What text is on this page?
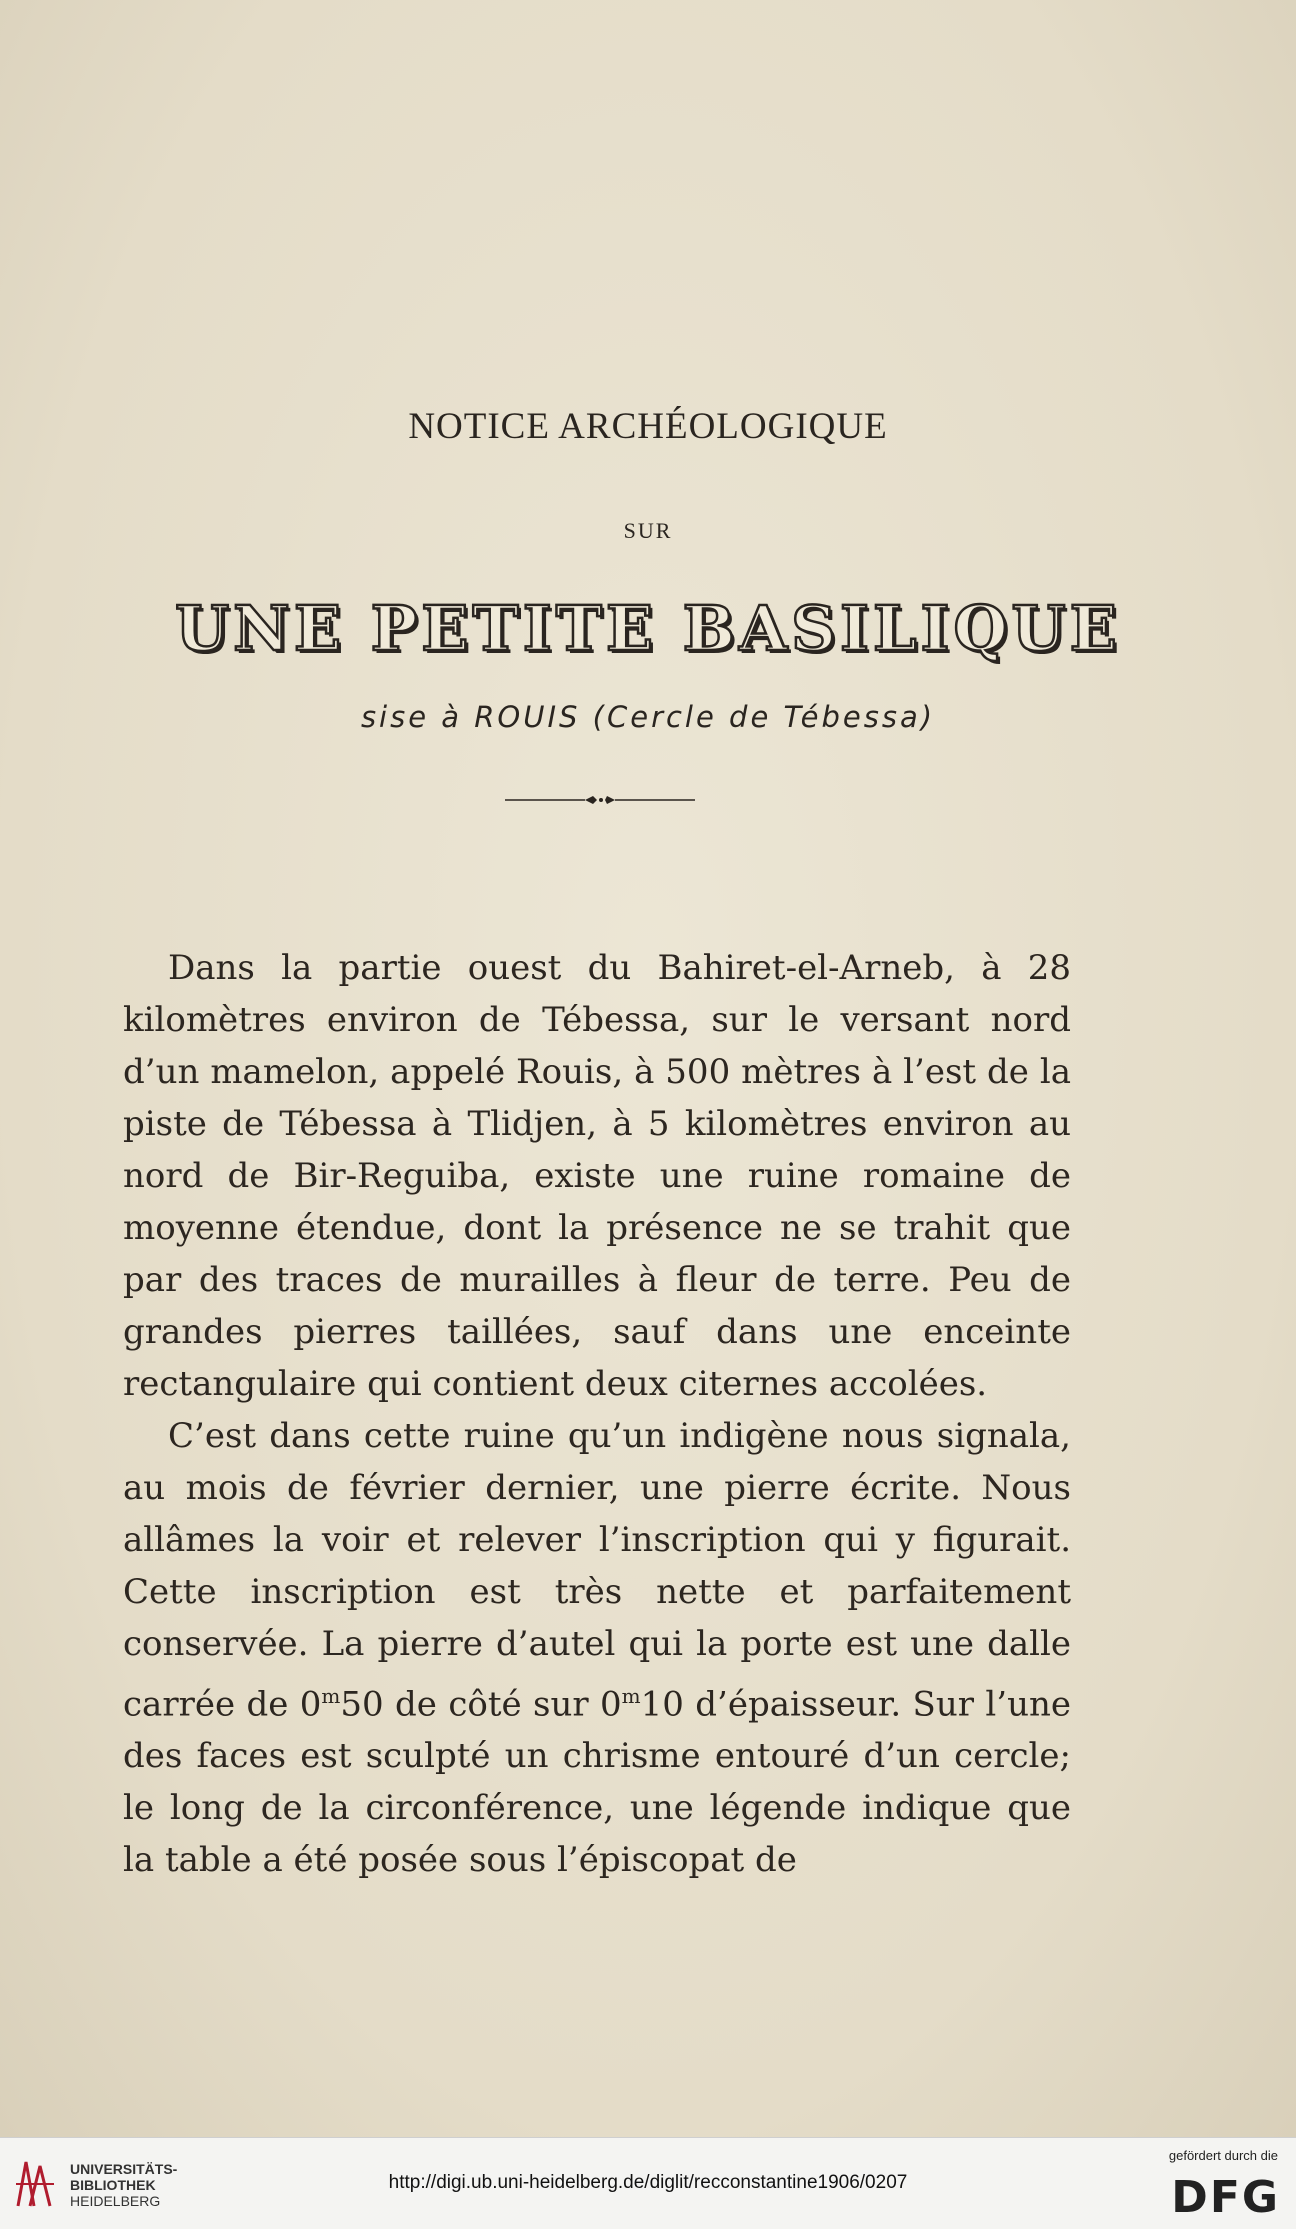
NOTICE ARCHÉOLOGIQUE
SUR
UNE PETITE BASILIQUE
sise à ROUIS (Cercle de Tébessa)

Dans la partie ouest du Bahiret-el-Arneb, à 28 kilomètres environ de Tébessa, sur le versant nord d’un mamelon, appelé Rouis, à 500 mètres à l’est de la piste de Tébessa à Tlidjen, à 5 kilomètres environ au nord de Bir-Reguiba, existe une ruine romaine de moyenne étendue, dont la présence ne se trahit que par des traces de murailles à fleur de terre. Peu de grandes pierres taillées, sauf dans une enceinte rectangulaire qui contient deux citernes accolées.

C’est dans cette ruine qu’un indigène nous signala, au mois de février dernier, une pierre écrite. Nous allâmes la voir et relever l’inscription qui y figurait. Cette inscription est très nette et parfaitement conservée. La pierre d’autel qui la porte est une dalle carrée de 0$^m$50 de côté sur 0$^m$10 d’épaisseur. Sur l’une des faces est sculpté un chrisme entouré d’un cercle; le long de la circonférence, une légende indique que la table a été posée sous l’épiscopat de

UNIVERSITÄTS-
BIBLIOTHEK
HEIDELBERG
http://digi.ub.uni-heidelberg.de/diglit/recconstantine1906/0207
gefördert durch die
DFG
